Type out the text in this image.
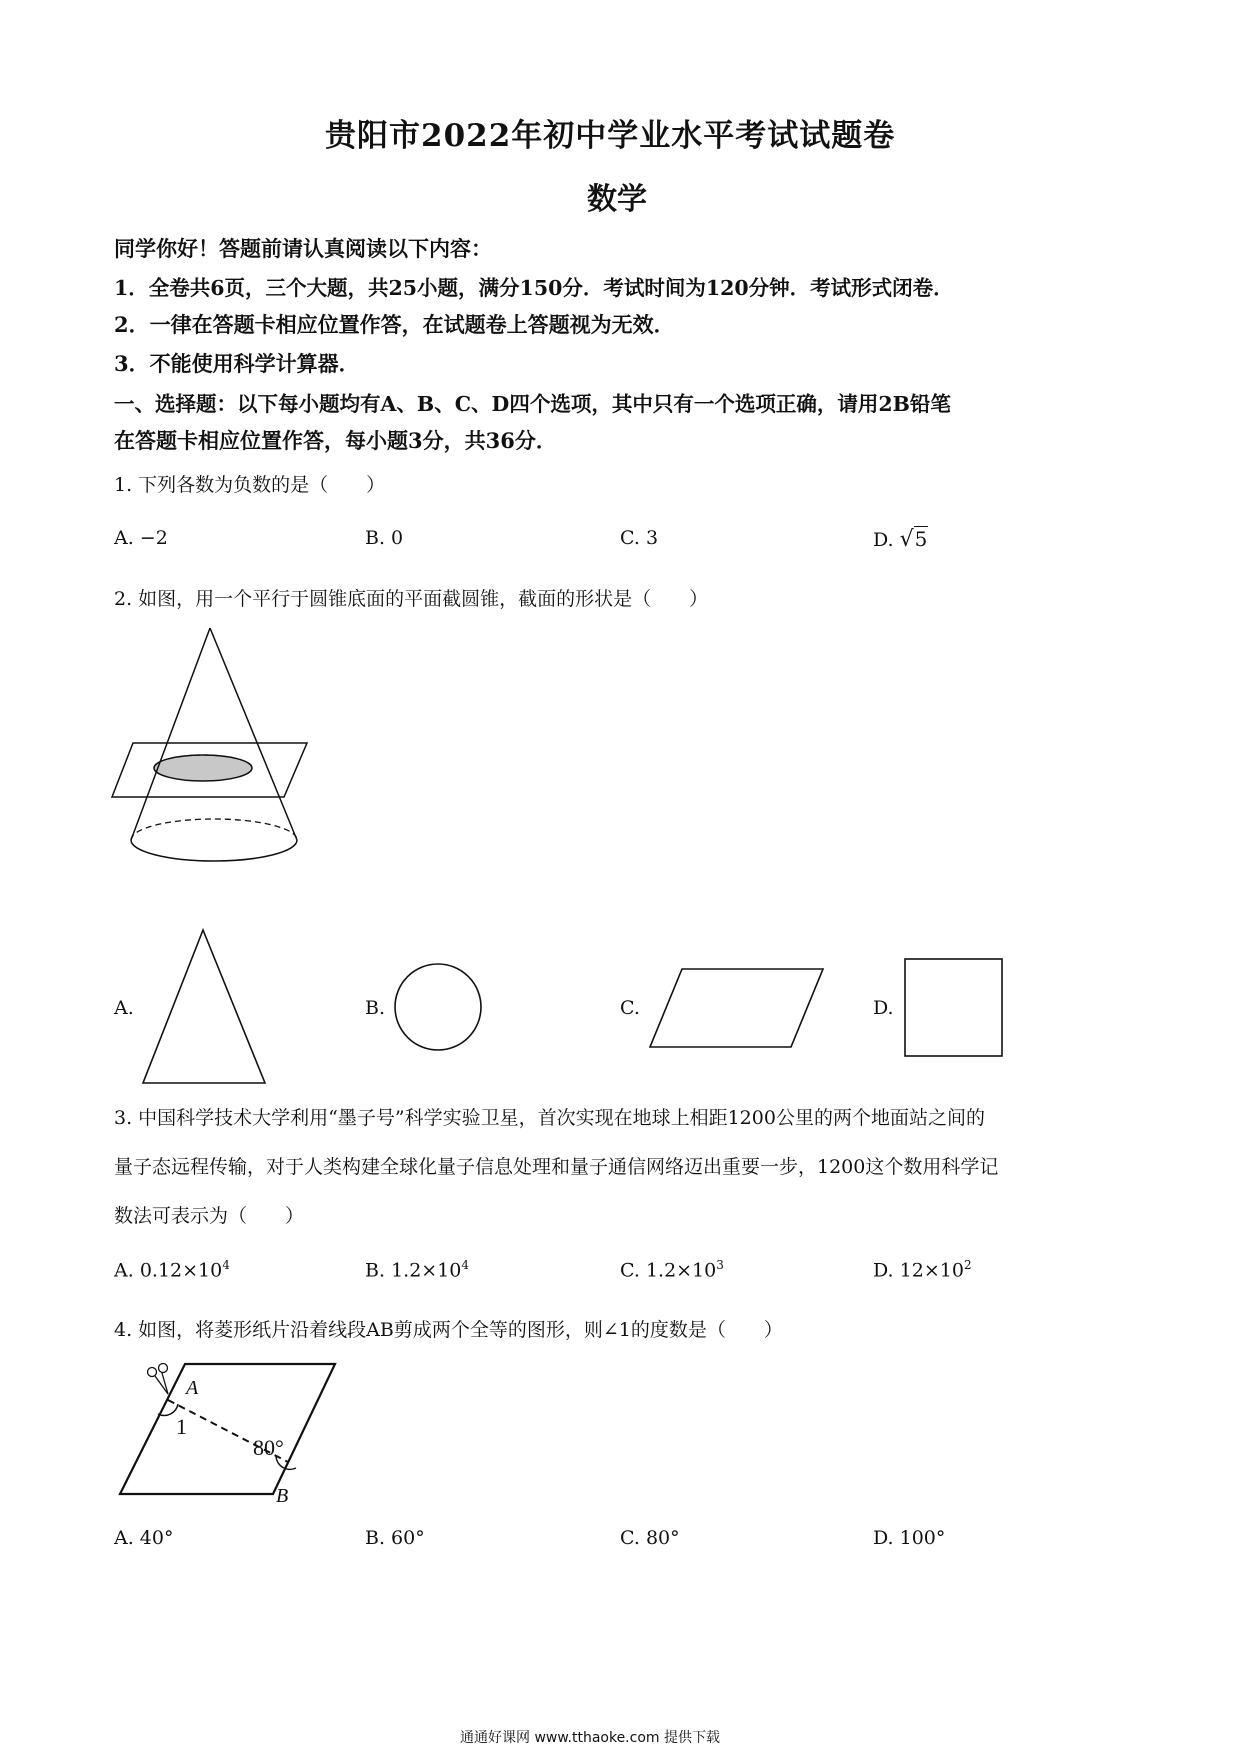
贵阳市2022年初中学业水平考试试题卷
数学
同学你好！答题前请认真阅读以下内容：
1．全卷共6页，三个大题，共25小题，满分150分．考试时间为120分钟．考试形式闭卷．
2．一律在答题卡相应位置作答，在试题卷上答题视为无效．
3．不能使用科学计算器．
一、选择题：以下每小题均有A、B、C、D四个选项，其中只有一个选项正确，请用2B铅笔
在答题卡相应位置作答，每小题3分，共36分．
1. 下列各数为负数的是（　　）
A. −2	B. 0	C. 3	D. √5
2. 如图，用一个平行于圆锥底面的平面截圆锥，截面的形状是（　　）
A.	B.	C.	D.
3. 中国科学技术大学利用“墨子号”科学实验卫星，首次实现在地球上相距1200公里的两个地面站之间的
量子态远程传输，对于人类构建全球化量子信息处理和量子通信网络迈出重要一步，1200这个数用科学记
数法可表示为（　　）
A. $0.12\times 10^4$	B. $1.2\times 10^4$	C. $1.2\times 10^3$	D. $12\times 10^2$
4. 如图，将菱形纸片沿着线段AB剪成两个全等的图形，则∠1的度数是（　　）
A
1
80°
B
A. 40°	B. 60°	C. 80°	D. 100°
通通好课网 www.tthaoke.com 提供下载
